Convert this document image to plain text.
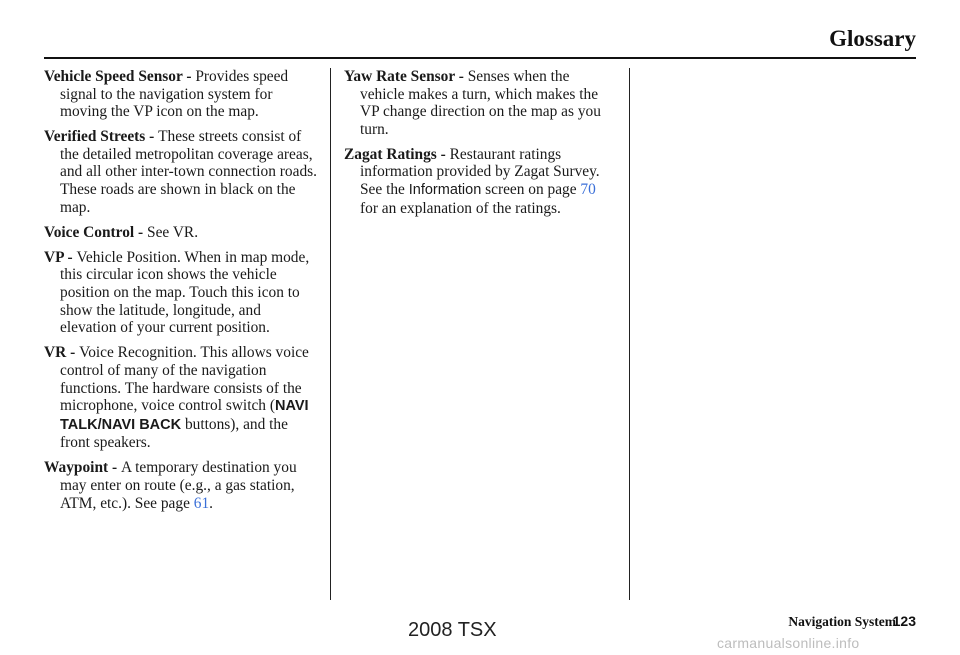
Glossary

Vehicle Speed Sensor - Provides speed signal to the navigation system for moving the VP icon on the map.

Verified Streets - These streets consist of the detailed metropolitan coverage areas, and all other inter-town connection roads. These roads are shown in black on the map.

Voice Control - See VR.

VP - Vehicle Position. When in map mode, this circular icon shows the vehicle position on the map. Touch this icon to show the latitude, longitude, and elevation of your current position.

VR - Voice Recognition. This allows voice control of many of the navigation functions. The hardware consists of the microphone, voice control switch (NAVI TALK/NAVI BACK buttons), and the front speakers.

Waypoint - A temporary destination you may enter on route (e.g., a gas station, ATM, etc.). See page 61.

Yaw Rate Sensor - Senses when the vehicle makes a turn, which makes the VP change direction on the map as you turn.

Zagat Ratings - Restaurant ratings information provided by Zagat Survey. See the Information screen on page 70 for an explanation of the ratings.

Navigation System
123
2008 TSX
carmanualsonline.info
